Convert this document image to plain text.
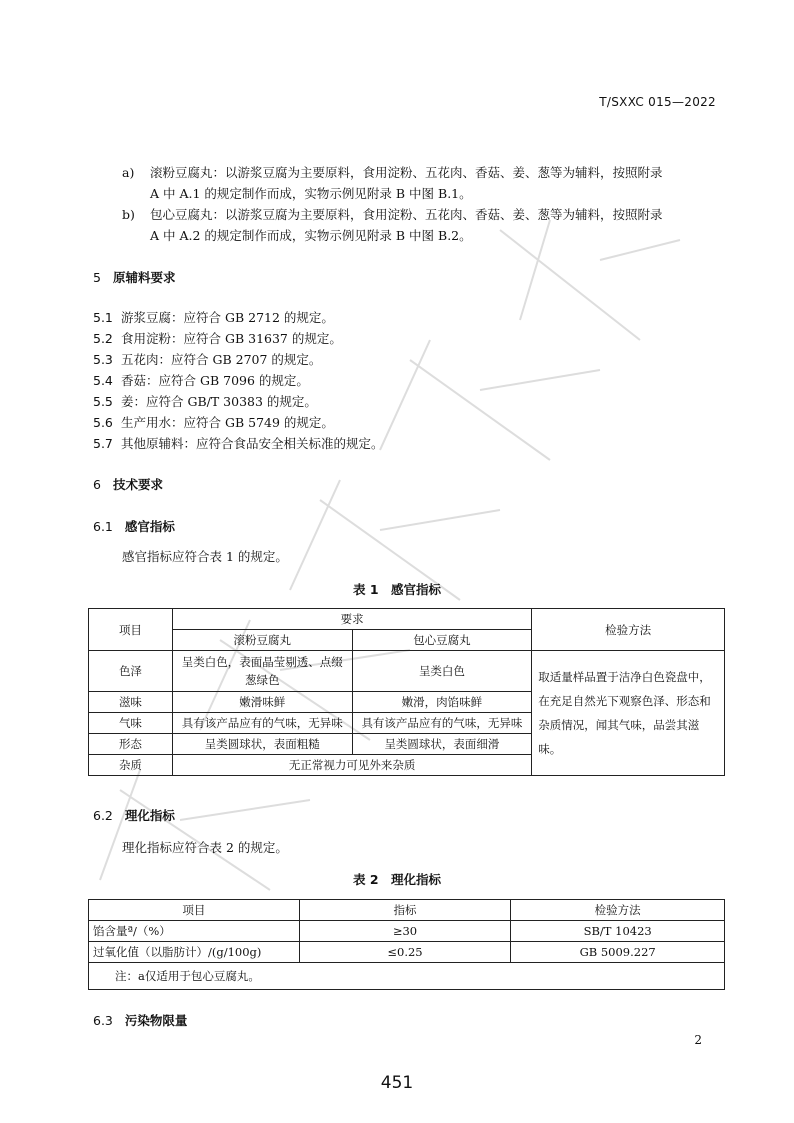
T/SXXC 015—2022
a) 滚粉豆腐丸：以游浆豆腐为主要原料，食用淀粉、五花肉、香菇、姜、葱等为辅料，按照附录
A 中 A.1 的规定制作而成，实物示例见附录 B 中图 B.1。
b) 包心豆腐丸：以游浆豆腐为主要原料，食用淀粉、五花肉、香菇、姜、葱等为辅料，按照附录
A 中 A.2 的规定制作而成，实物示例见附录 B 中图 B.2。
5 原辅料要求
5.1 游浆豆腐：应符合 GB 2712 的规定。
5.2 食用淀粉：应符合 GB 31637 的规定。
5.3 五花肉：应符合 GB 2707 的规定。
5.4 香菇：应符合 GB 7096 的规定。
5.5 姜：应符合 GB/T 30383 的规定。
5.6 生产用水：应符合 GB 5749 的规定。
5.7 其他原辅料：应符合食品安全相关标准的规定。
6 技术要求
6.1 感官指标
感官指标应符合表 1 的规定。
表 1　感官指标
项目	要求		检验方法
	滚粉豆腐丸	包心豆腐丸	
色泽	呈类白色，表面晶莹剔透、点缀葱绿色	呈类白色	取适量样品置于洁净白色瓷盘中，在充足自然光下观察色泽、形态和杂质情况，闻其气味，品尝其滋味。
滋味	嫩滑味鲜	嫩滑，肉馅味鲜	
气味	具有该产品应有的气味，无异味	具有该产品应有的气味，无异味	
形态	呈类圆球状，表面粗糙	呈类圆球状，表面细滑	
杂质	无正常视力可见外来杂质		
6.2 理化指标
理化指标应符合表 2 的规定。
表 2　理化指标
项目	指标	检验方法
馅含量ª/（%）	≥30	SB/T 10423
过氧化值（以脂肪计）/(g/100g)	≤0.25	GB 5009.227
注：a仅适用于包心豆腐丸。		
6.3 污染物限量
2
451
